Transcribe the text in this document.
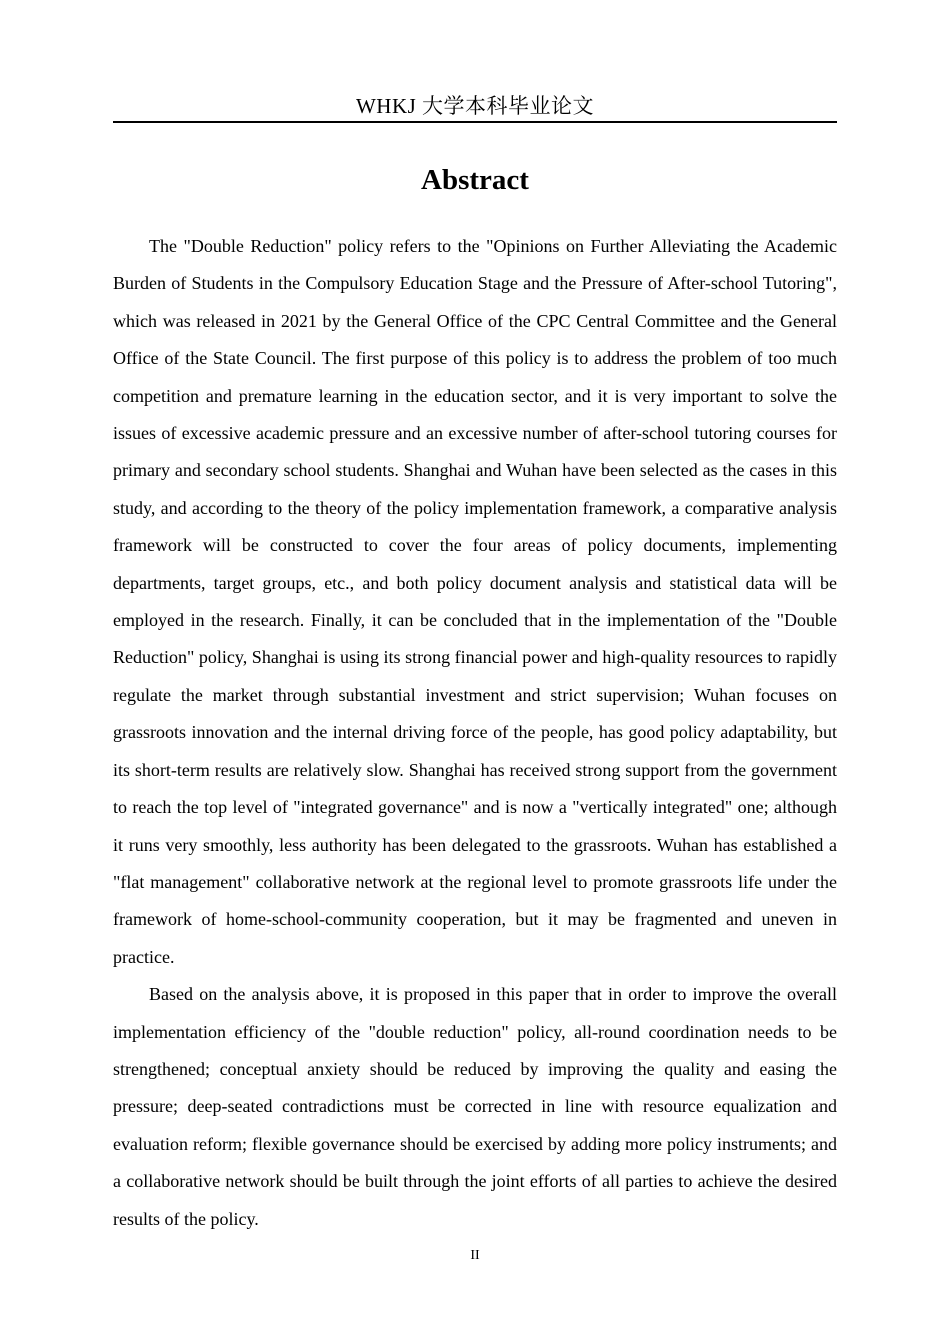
WHKJ 大学本科毕业论文
Abstract

The "Double Reduction" policy refers to the "Opinions on Further Alleviating the Academic Burden of Students in the Compulsory Education Stage and the Pressure of After-school Tutoring", which was released in 2021 by the General Office of the CPC Central Committee and the General Office of the State Council. The first purpose of this policy is to address the problem of too much competition and premature learning in the education sector, and it is very important to solve the issues of excessive academic pressure and an excessive number of after-school tutoring courses for primary and secondary school students. Shanghai and Wuhan have been selected as the cases in this study, and according to the theory of the policy implementation framework, a comparative analysis framework will be constructed to cover the four areas of policy documents, implementing departments, target groups, etc., and both policy document analysis and statistical data will be employed in the research. Finally, it can be concluded that in the implementation of the "Double Reduction" policy, Shanghai is using its strong financial power and high-quality resources to rapidly regulate the market through substantial investment and strict supervision; Wuhan focuses on grassroots innovation and the internal driving force of the people, has good policy adaptability, but its short-term results are relatively slow. Shanghai has received strong support from the government to reach the top level of "integrated governance" and is now a "vertically integrated" one; although it runs very smoothly, less authority has been delegated to the grassroots. Wuhan has established a "flat management" collaborative network at the regional level to promote grassroots life under the framework of home-school-community cooperation, but it may be fragmented and uneven in practice.

Based on the analysis above, it is proposed in this paper that in order to improve the overall implementation efficiency of the "double reduction" policy, all-round coordination needs to be strengthened; conceptual anxiety should be reduced by improving the quality and easing the pressure; deep-seated contradictions must be corrected in line with resource equalization and evaluation reform; flexible governance should be exercised by adding more policy instruments; and a collaborative network should be built through the joint efforts of all parties to achieve the desired results of the policy.

II
